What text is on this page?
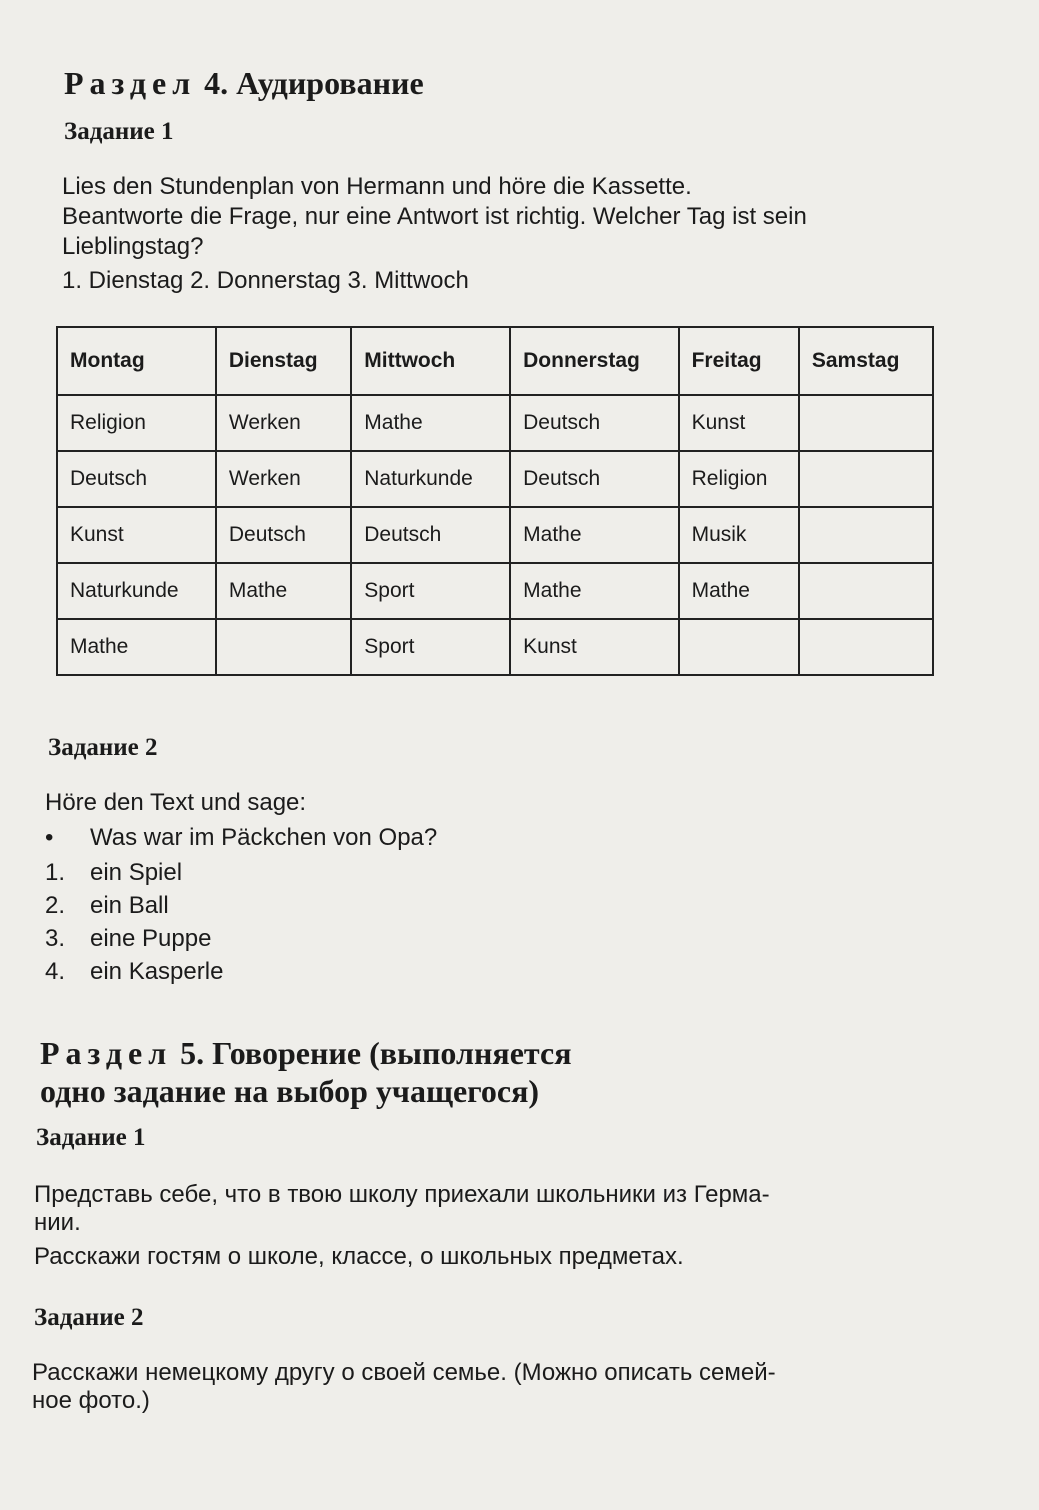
Раздел 4. Аудирование
Задание 1

Lies den Stundenplan von Hermann und höre die Kassette.

Beantworte die Frage, nur eine Antwort ist richtig. Welcher Tag ist sein

Lieblingstag?

1. Dienstag 2. Donnerstag 3. Mittwoch

Montag	Dienstag	Mittwoch	Donnerstag	Freitag	Samstag
Religion	Werken	Mathe	Deutsch	Kunst	
Deutsch	Werken	Naturkunde	Deutsch	Religion	
Kunst	Deutsch	Deutsch	Mathe	Musik	
Naturkunde	Mathe	Sport	Mathe	Mathe	
Mathe		Sport	Kunst		
Задание 2

Höre den Text und sage:

•	Was war im Päckchen von Opa?
1.	ein Spiel
2.	ein Ball
3.	eine Puppe
4.	ein Kasperle
Раздел 5. Говорение (выполняется
одно задание на выбор учащегося)
Задание 1

Представь себе, что в твою школу приехали школьники из Герма-

нии.

Расскажи гостям о школе, классе, о школьных предметах.

Задание 2

Расскажи немецкому другу о своей семье. (Можно описать семей-

ное фото.)
